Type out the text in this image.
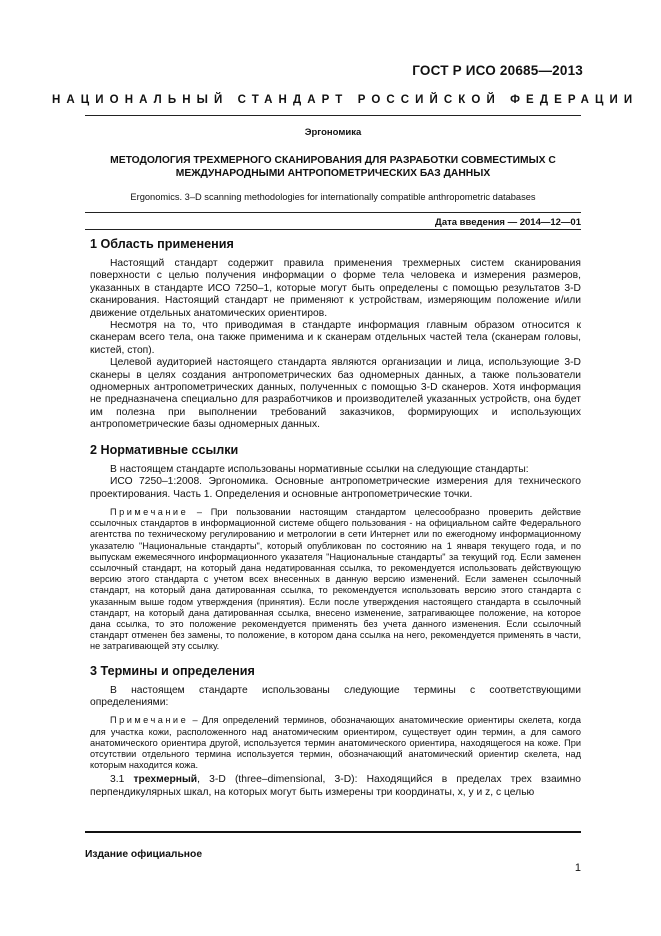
ГОСТ Р ИСО 20685—2013
НАЦИОНАЛЬНЫЙ СТАНДАРТ РОССИЙСКОЙ ФЕДЕРАЦИИ
Эргономика
МЕТОДОЛОГИЯ ТРЕХМЕРНОГО СКАНИРОВАНИЯ ДЛЯ РАЗРАБОТКИ СОВМЕСТИМЫХ С
МЕЖДУНАРОДНЫМИ АНТРОПОМЕТРИЧЕСКИХ БАЗ ДАННЫХ
Ergonomics. 3–D scanning methodologies for internationally compatible anthropometric databases
Дата введения — 2014—12—01
1 Область применения

Настоящий стандарт содержит правила применения трехмерных систем сканирования поверхности с целью получения информации о форме тела человека и измерения размеров, указанных в стандарте ИСО 7250–1, которые могут быть определены с помощью результатов 3-D сканирования. Настоящий стандарт не применяют к устройствам, измеряющим положение и/или движение отдельных анатомических ориентиров.

Несмотря на то, что приводимая в стандарте информация главным образом относится к сканерам всего тела, она также применима и к сканерам отдельных частей тела (сканерам головы, кистей, стоп).

Целевой аудиторией настоящего стандарта являются организации и лица, использующие 3-D сканеры в целях создания антропометрических баз одномерных данных, а также пользователи одномерных антропометрических данных, полученных с помощью 3-D сканеров. Хотя информация не предназначена специально для разработчиков и производителей указанных устройств, она будет им полезна при выполнении требований заказчиков, формирующих и использующих антропометрические базы одномерных данных.

2 Нормативные ссылки

В настоящем стандарте использованы нормативные ссылки на следующие стандарты:

ИСО 7250–1:2008. Эргономика. Основные антропометрические измерения для технического проектирования. Часть 1. Определения и основные антропометрические точки.

Примечание – При пользовании настоящим стандартом целесообразно проверить действие ссылочных стандартов в информационной системе общего пользования - на официальном сайте Федерального агентства по техническому регулированию и метрологии в сети Интернет или по ежегодному информационному указателю "Национальные стандарты", который опубликован по состоянию на 1 января текущего года, и по выпускам ежемесячного информационного указателя "Национальные стандарты" за текущий год. Если заменен ссылочный стандарт, на который дана недатированная ссылка, то рекомендуется использовать действующую версию этого стандарта с учетом всех внесенных в данную версию изменений. Если заменен ссылочный стандарт, на который дана датированная ссылка, то рекомендуется использовать версию этого стандарта с указанным выше годом утверждения (принятия). Если после утверждения настоящего стандарта в ссылочный стандарт, на который дана датированная ссылка, внесено изменение, затрагивающее положение, на которое дана ссылка, то это положение рекомендуется применять без учета данного изменения. Если ссылочный стандарт отменен без замены, то положение, в котором дана ссылка на него, рекомендуется применять в части, не затрагивающей эту ссылку.

3 Термины и определения

В настоящем стандарте использованы следующие термины с соответствующими определениями:

Примечание – Для определений терминов, обозначающих анатомические ориентиры скелета, когда для участка кожи, расположенного над анатомическим ориентиром, существует один термин, а для самого анатомического ориентира другой, используется термин анатомического ориентира, находящегося на коже. При отсутствии отдельного термина используется термин, обозначающий анатомический ориентир скелета, над которым находится кожа.

3.1 трехмерный, 3-D (three–dimensional, 3-D): Находящийся в пределах трех взаимно перпендикулярных шкал, на которых могут быть измерены три координаты, x, y и z, с целью

Издание официальное
1
